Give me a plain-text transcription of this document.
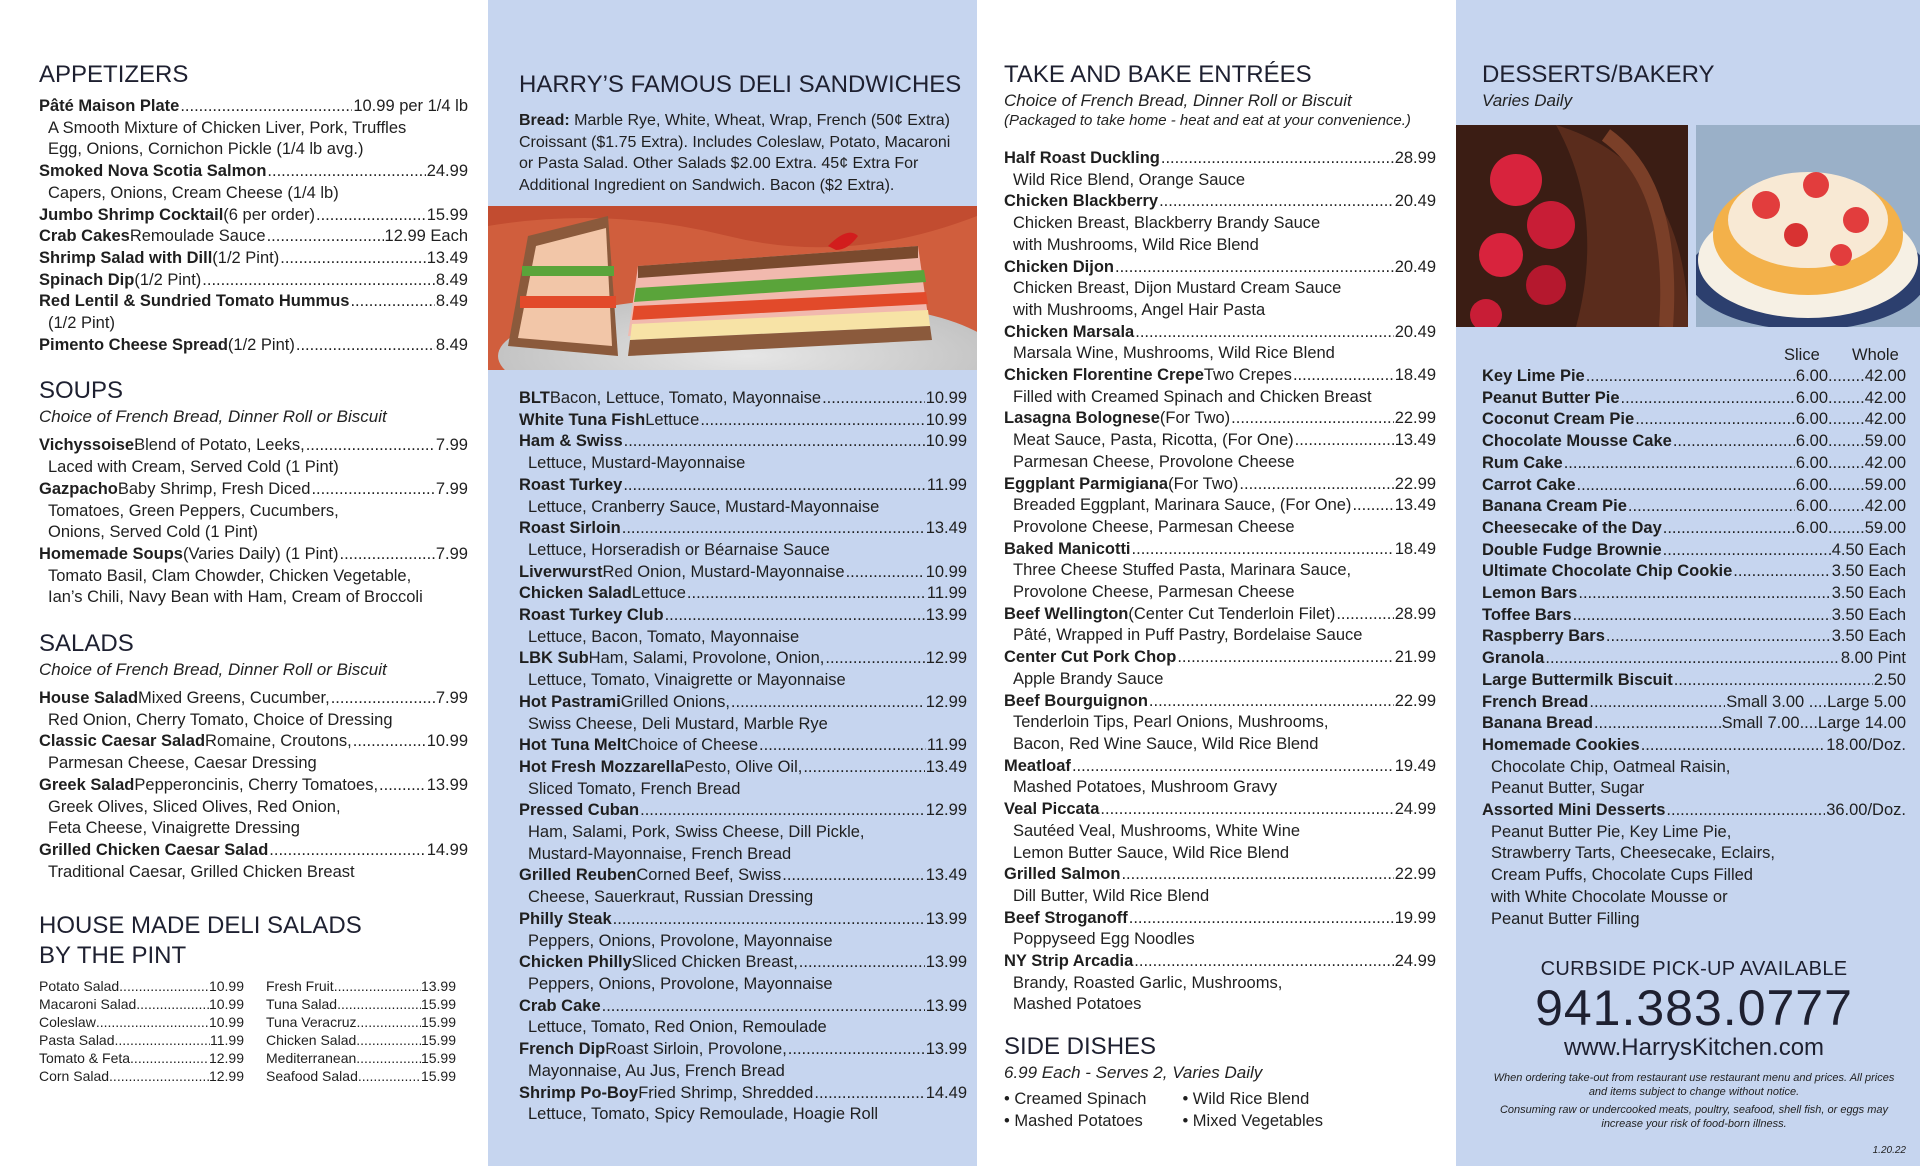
APPETIZERS
Pâté Maison Plate .....	10.99 per 1/4 lb
A Smooth Mixture of Chicken Liver, Pork, Truffles
Egg, Onions, Cornichon Pickle (1/4 lb avg.)
Smoked Nova Scotia Salmon .....	24.99
Capers, Onions, Cream Cheese (1/4 lb)
Jumbo Shrimp Cocktail (6 per order) .....	15.99
Crab Cakes Remoulade Sauce .....	12.99 Each
Shrimp Salad with Dill (1/2 Pint) .....	13.49
Spinach Dip (1/2 Pint) .....	8.49
Red Lentil & Sundried Tomato Hummus .....	8.49
(1/2 Pint)
Pimento Cheese Spread (1/2 Pint) .....	8.49
SOUPS
Choice of French Bread, Dinner Roll or Biscuit
Vichyssoise Blend of Potato, Leeks, .....	7.99
Laced with Cream, Served Cold (1 Pint)
Gazpacho Baby Shrimp, Fresh Diced .....	7.99
Tomatoes, Green Peppers, Cucumbers,
Onions, Served Cold (1 Pint)
Homemade Soups (Varies Daily) (1 Pint) .....	7.99
Tomato Basil, Clam Chowder, Chicken Vegetable,
Ian’s Chili, Navy Bean with Ham, Cream of Broccoli
SALADS
Choice of French Bread, Dinner Roll or Biscuit
House Salad Mixed Greens, Cucumber, .....	7.99
Red Onion, Cherry Tomato, Choice of Dressing
Classic Caesar Salad Romaine, Croutons, .....	10.99
Parmesan Cheese, Caesar Dressing
Greek Salad Pepperoncinis, Cherry Tomatoes, .....	13.99
Greek Olives, Sliced Olives, Red Onion,
Feta Cheese, Vinaigrette Dressing
Grilled Chicken Caesar Salad .....	14.99
Traditional Caesar, Grilled Chicken Breast
HOUSE MADE DELI SALADS
BY THE PINT
Potato Salad .....	10.99
Macaroni Salad .....	10.99
Coleslaw .....	10.99
Pasta Salad .....	11.99
Tomato & Feta .....	12.99
Corn Salad .....	12.99
Fresh Fruit .....	13.99
Tuna Salad .....	15.99
Tuna Veracruz .....	15.99
Chicken Salad .....	15.99
Mediterranean .....	15.99
Seafood Salad .....	15.99
HARRY’S FAMOUS DELI SANDWICHES

Bread: Marble Rye, White, Wheat, Wrap, French (50¢ Extra) Croissant ($1.75 Extra). Includes Coleslaw, Potato, Macaroni or Pasta Salad. Other Salads $2.00 Extra. 45¢ Extra For Additional Ingredient on Sandwich. Bacon ($2 Extra).

BLT Bacon, Lettuce, Tomato, Mayonnaise .....	10.99
White Tuna Fish Lettuce .....	10.99
Ham & Swiss .....	10.99
Lettuce, Mustard-Mayonnaise
Roast Turkey .....	11.99
Lettuce, Cranberry Sauce, Mustard-Mayonnaise
Roast Sirloin .....	13.49
Lettuce, Horseradish or Béarnaise Sauce
Liverwurst Red Onion, Mustard-Mayonnaise .....	10.99
Chicken Salad Lettuce .....	11.99
Roast Turkey Club .....	13.99
Lettuce, Bacon, Tomato, Mayonnaise
LBK Sub Ham, Salami, Provolone, Onion, .....	12.99
Lettuce, Tomato, Vinaigrette or Mayonnaise
Hot Pastrami Grilled Onions, .....	12.99
Swiss Cheese, Deli Mustard, Marble Rye
Hot Tuna Melt Choice of Cheese .....	11.99
Hot Fresh Mozzarella Pesto, Olive Oil, .....	13.49
Sliced Tomato, French Bread
Pressed Cuban .....	12.99
Ham, Salami, Pork, Swiss Cheese, Dill Pickle,
Mustard-Mayonnaise, French Bread
Grilled Reuben Corned Beef, Swiss .....	13.49
Cheese, Sauerkraut, Russian Dressing
Philly Steak .....	13.99
Peppers, Onions, Provolone, Mayonnaise
Chicken Philly Sliced Chicken Breast, .....	13.99
Peppers, Onions, Provolone, Mayonnaise
Crab Cake .....	13.99
Lettuce, Tomato, Red Onion, Remoulade
French Dip Roast Sirloin, Provolone, .....	13.99
Mayonnaise, Au Jus, French Bread
Shrimp Po-Boy Fried Shrimp, Shredded .....	14.49
Lettuce, Tomato, Spicy Remoulade, Hoagie Roll
TAKE AND BAKE ENTRÉES
Choice of French Bread, Dinner Roll or Biscuit
(Packaged to take home - heat and eat at your convenience.)
Half Roast Duckling .....	28.99
Wild Rice Blend, Orange Sauce
Chicken Blackberry .....	20.49
Chicken Breast, Blackberry Brandy Sauce
with Mushrooms, Wild Rice Blend
Chicken Dijon .....	20.49
Chicken Breast, Dijon Mustard Cream Sauce
with Mushrooms, Angel Hair Pasta
Chicken Marsala .....	20.49
Marsala Wine, Mushrooms, Wild Rice Blend
Chicken Florentine Crepe Two Crepes .....	18.49
Filled with Creamed Spinach and Chicken Breast
Lasagna Bolognese (For Two) .....	22.99
Meat Sauce, Pasta, Ricotta, (For One) .....	13.49
Parmesan Cheese, Provolone Cheese
Eggplant Parmigiana (For Two) .....	22.99
Breaded Eggplant, Marinara Sauce, (For One) .....	13.49
Provolone Cheese, Parmesan Cheese
Baked Manicotti .....	18.49
Three Cheese Stuffed Pasta, Marinara Sauce,
Provolone Cheese, Parmesan Cheese
Beef Wellington (Center Cut Tenderloin Filet) .....	28.99
Pâté, Wrapped in Puff Pastry, Bordelaise Sauce
Center Cut Pork Chop .....	21.99
Apple Brandy Sauce
Beef Bourguignon .....	22.99
Tenderloin Tips, Pearl Onions, Mushrooms,
Bacon, Red Wine Sauce, Wild Rice Blend
Meatloaf .....	19.49
Mashed Potatoes, Mushroom Gravy
Veal Piccata .....	24.99
Sautéed Veal, Mushrooms, White Wine
Lemon Butter Sauce, Wild Rice Blend
Grilled Salmon .....	22.99
Dill Butter, Wild Rice Blend
Beef Stroganoff .....	19.99
Poppyseed Egg Noodles
NY Strip Arcadia .....	24.99
Brandy, Roasted Garlic, Mushrooms,
Mashed Potatoes
SIDE DISHES
6.99 Each - Serves 2, Varies Daily
• Creamed Spinach
• Mashed Potatoes
• Wild Rice Blend
• Mixed Vegetables
DESSERTS/BAKERY
Varies Daily
Slice	Whole
Key Lime Pie .....	6.00........42.00
Peanut Butter Pie .....	6.00........42.00
Coconut Cream Pie .....	6.00........42.00
Chocolate Mousse Cake .....	6.00........59.00
Rum Cake .....	6.00........42.00
Carrot Cake .....	6.00........59.00
Banana Cream Pie .....	6.00........42.00
Cheesecake of the Day .....	6.00........59.00
Double Fudge Brownie .....	4.50 Each
Ultimate Chocolate Chip Cookie .....	3.50 Each
Lemon Bars .....	3.50 Each
Toffee Bars .....	3.50 Each
Raspberry Bars .....	3.50 Each
Granola .....	8.00 Pint
Large Buttermilk Biscuit .....	2.50
French Bread .....	Small 3.00 ....Large 5.00
Banana Bread .....	Small 7.00....Large 14.00
Homemade Cookies .....	18.00/Doz.
Chocolate Chip, Oatmeal Raisin,
Peanut Butter, Sugar
Assorted Mini Desserts .....	36.00/Doz.
Peanut Butter Pie, Key Lime Pie,
Strawberry Tarts, Cheesecake, Eclairs,
Cream Puffs, Chocolate Cups Filled
with White Chocolate Mousse or
Peanut Butter Filling
CURBSIDE PICK-UP AVAILABLE
941.383.0777
www.HarrysKitchen.com
When ordering take-out from restaurant use restaurant menu and prices. All prices and items subject to change without notice.
Consuming raw or undercooked meats, poultry, seafood, shell fish, or eggs may increase your risk of food-born illness.
1.20.22
